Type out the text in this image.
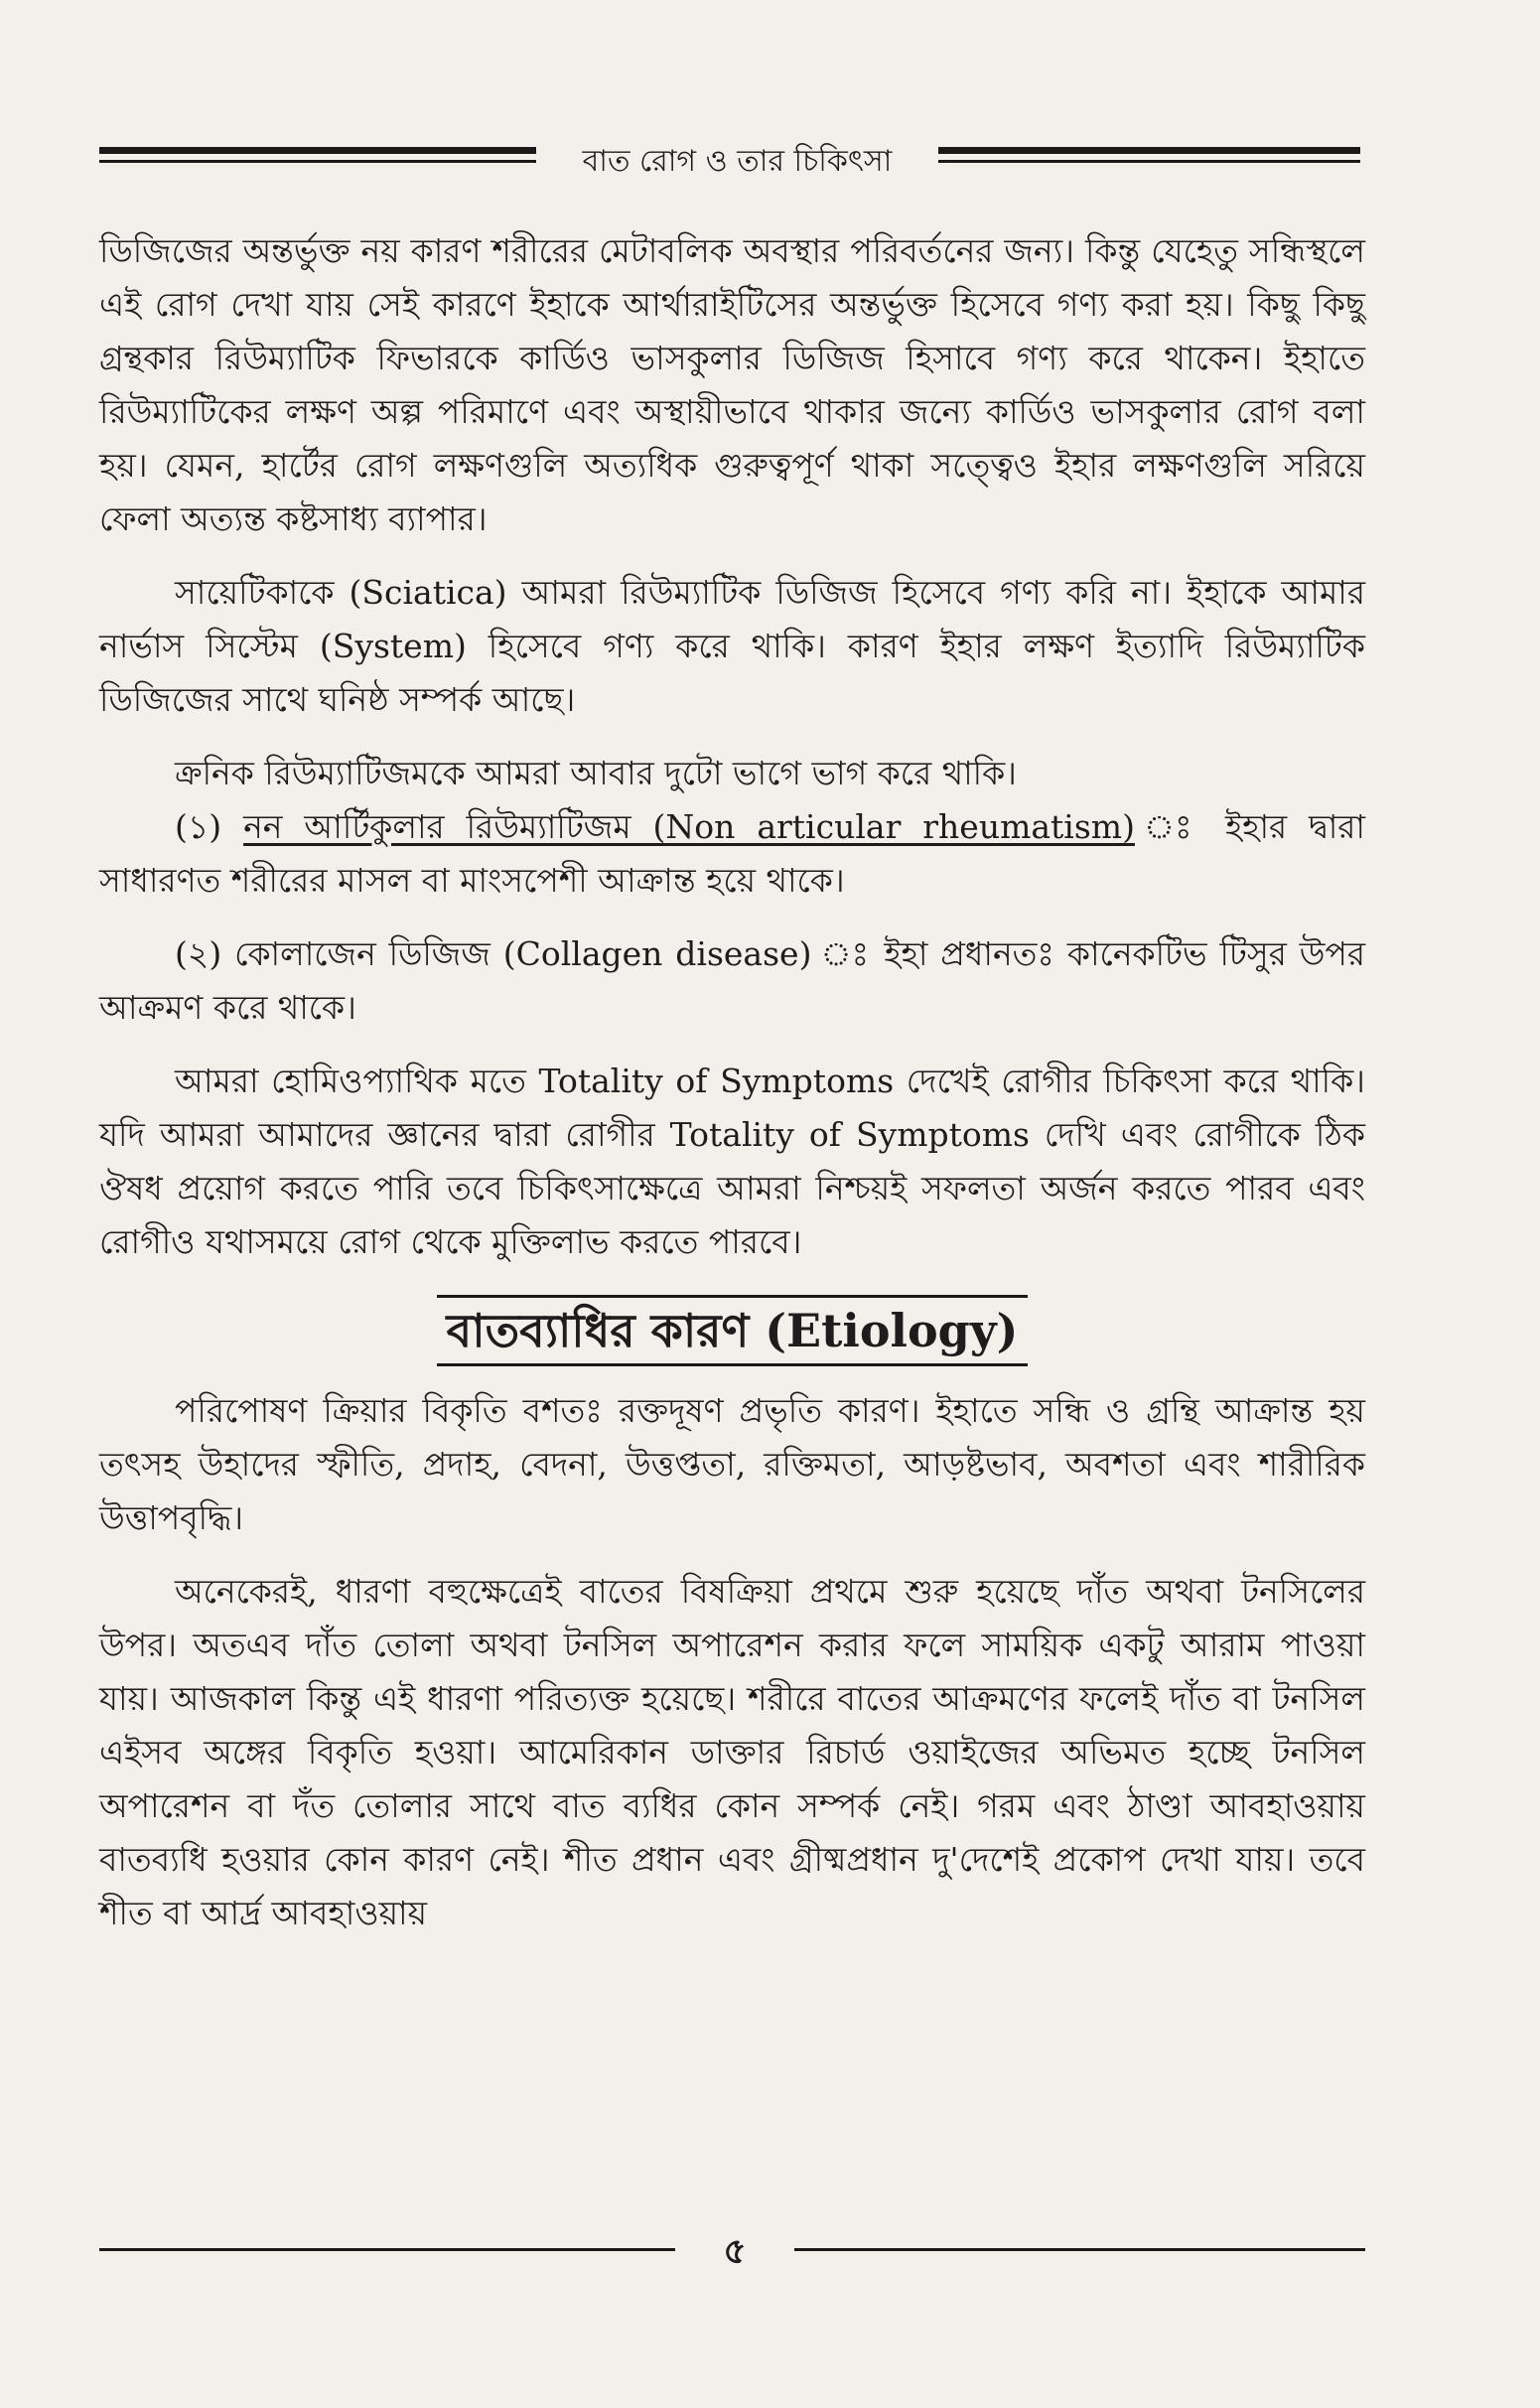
বাত রোগ ও তার চিকিৎসা

ডিজিজের অন্তর্ভুক্ত নয় কারণ শরীরের মেটাবলিক অবস্থার পরিবর্তনের জন্য। কিন্তু যেহেতু সন্ধিস্থলে এই রোগ দেখা যায় সেই কারণে ইহাকে আর্থারাইটিসের অন্তর্ভুক্ত হিসেবে গণ্য করা হয়। কিছু কিছু গ্রন্থকার রিউম্যাটিক ফিভারকে কার্ডিও ভাসকুলার ডিজিজ হিসাবে গণ্য করে থাকেন। ইহাতে রিউম্যাটিকের লক্ষণ অল্প পরিমাণে এবং অস্থায়ীভাবে থাকার জন্যে কার্ডিও ভাসকুলার রোগ বলা হয়। যেমন, হার্টের রোগ লক্ষণগুলি অত্যধিক গুরুত্বপূর্ণ থাকা সত্ত্বেও ইহার লক্ষণগুলি সরিয়ে ফেলা অত্যন্ত কষ্টসাধ্য ব্যাপার।

সায়েটিকাকে (Sciatica) আমরা রিউম্যাটিক ডিজিজ হিসেবে গণ্য করি না। ইহাকে আমার নার্ভাস সিস্টেম (System) হিসেবে গণ্য করে থাকি। কারণ ইহার লক্ষণ ইত্যাদি রিউম্যাটিক ডিজিজের সাথে ঘনিষ্ঠ সম্পর্ক আছে।

ক্রনিক রিউম্যাটিজমকে আমরা আবার দুটো ভাগে ভাগ করে থাকি।

(১) নন আর্টিকুলার রিউম্যাটিজম (Non articular rheumatism) ঃ ইহার দ্বারা সাধারণত শরীরের মাসল বা মাংসপেশী আক্রান্ত হয়ে থাকে।

(২) কোলাজেন ডিজিজ (Collagen disease) ঃ ইহা প্রধানতঃ কানেকটিভ টিসুর উপর আক্রমণ করে থাকে।

আমরা হোমিওপ্যাথিক মতে Totality of Symptoms দেখেই রোগীর চিকিৎসা করে থাকি। যদি আমরা আমাদের জ্ঞানের দ্বারা রোগীর Totality of Symptoms দেখি এবং রোগীকে ঠিক ঔষধ প্রয়োগ করতে পারি তবে চিকিৎসাক্ষেত্রে আমরা নিশ্চয়ই সফলতা অর্জন করতে পারব এবং রোগীও যথাসময়ে রোগ থেকে মুক্তিলাভ করতে পারবে।

বাতব্যাধির কারণ (Etiology)

পরিপোষণ ক্রিয়ার বিকৃতি বশতঃ রক্তদূষণ প্রভৃতি কারণ। ইহাতে সন্ধি ও গ্রন্থি আক্রান্ত হয় তৎসহ উহাদের স্ফীতি, প্রদাহ, বেদনা, উত্তপ্ততা, রক্তিমতা, আড়ষ্টভাব, অবশতা এবং শারীরিক উত্তাপবৃদ্ধি।

অনেকেরই, ধারণা বহুক্ষেত্রেই বাতের বিষক্রিয়া প্রথমে শুরু হয়েছে দাঁত অথবা টনসিলের উপর। অতএব দাঁত তোলা অথবা টনসিল অপারেশন করার ফলে সাময়িক একটু আরাম পাওয়া যায়। আজকাল কিন্তু এই ধারণা পরিত্যক্ত হয়েছে। শরীরে বাতের আক্রমণের ফলেই দাঁত বা টনসিল এইসব অঙ্গের বিকৃতি হওয়া। আমেরিকান ডাক্তার রিচার্ড ওয়াইজের অভিমত হচ্ছে টনসিল অপারেশন বা দঁত তোলার সাথে বাত ব্যধির কোন সম্পর্ক নেই। গরম এবং ঠাণ্ডা আবহাওয়ায় বাতব্যধি হওয়ার কোন কারণ নেই। শীত প্রধান এবং গ্রীষ্মপ্রধান দু'দেশেই প্রকোপ দেখা যায়। তবে শীত বা আর্দ্র আবহাওয়ায়

৫
